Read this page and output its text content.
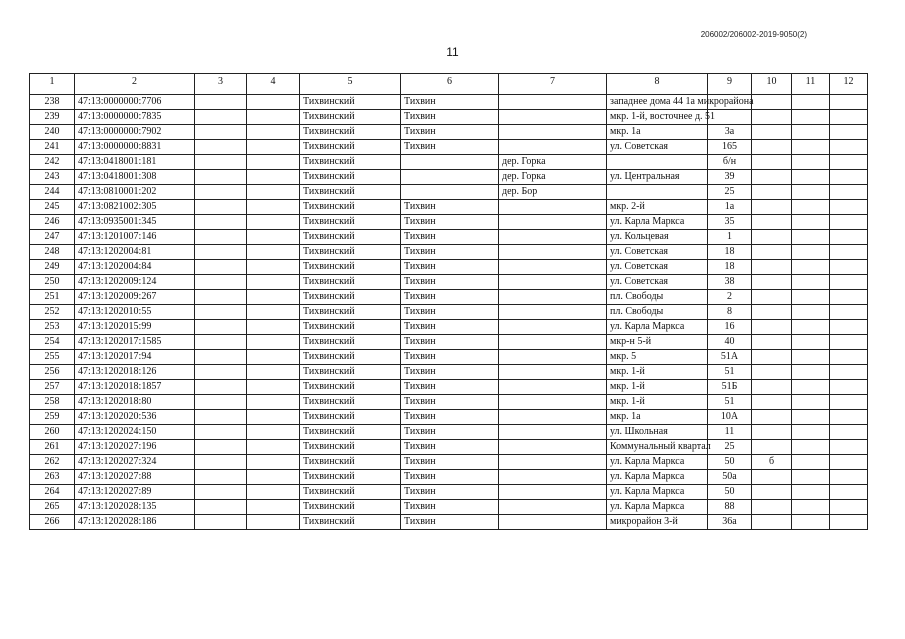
206002/206002-2019-9050(2)
11
1	2	3	4	5	6	7	8	9	10	11	12
238	47:13:0000000:7706			Тихвинский	Тихвин		западнее дома 44 1а микрорайона				
239	47:13:0000000:7835			Тихвинский	Тихвин		мкр. 1-й, восточнее д. 51				
240	47:13:0000000:7902			Тихвинский	Тихвин		мкр. 1а	3а			
241	47:13:0000000:8831			Тихвинский	Тихвин		ул. Советская	165			
242	47:13:0418001:181			Тихвинский		дер. Горка		б/н			
243	47:13:0418001:308			Тихвинский		дер. Горка	ул. Центральная	39			
244	47:13:0810001:202			Тихвинский		дер. Бор		25			
245	47:13:0821002:305			Тихвинский	Тихвин		мкр. 2-й	1а			
246	47:13:0935001:345			Тихвинский	Тихвин		ул. Карла Маркса	35			
247	47:13:1201007:146			Тихвинский	Тихвин		ул. Кольцевая	1			
248	47:13:1202004:81			Тихвинский	Тихвин		ул. Советская	18			
249	47:13:1202004:84			Тихвинский	Тихвин		ул. Советская	18			
250	47:13:1202009:124			Тихвинский	Тихвин		ул. Советская	38			
251	47:13:1202009:267			Тихвинский	Тихвин		пл. Свободы	2			
252	47:13:1202010:55			Тихвинский	Тихвин		пл. Свободы	8			
253	47:13:1202015:99			Тихвинский	Тихвин		ул. Карла Маркса	16			
254	47:13:1202017:1585			Тихвинский	Тихвин		мкр-н 5-й	40			
255	47:13:1202017:94			Тихвинский	Тихвин		мкр. 5	51А			
256	47:13:1202018:126			Тихвинский	Тихвин		мкр. 1-й	51			
257	47:13:1202018:1857			Тихвинский	Тихвин		мкр. 1-й	51Б			
258	47:13:1202018:80			Тихвинский	Тихвин		мкр. 1-й	51			
259	47:13:1202020:536			Тихвинский	Тихвин		мкр. 1а	10А			
260	47:13:1202024:150			Тихвинский	Тихвин		ул. Школьная	11			
261	47:13:1202027:196			Тихвинский	Тихвин		Коммунальный квартал	25			
262	47:13:1202027:324			Тихвинский	Тихвин		ул. Карла Маркса	50	б		
263	47:13:1202027:88			Тихвинский	Тихвин		ул. Карла Маркса	50а			
264	47:13:1202027:89			Тихвинский	Тихвин		ул. Карла Маркса	50			
265	47:13:1202028:135			Тихвинский	Тихвин		ул. Карла Маркса	88			
266	47:13:1202028:186			Тихвинский	Тихвин		микрорайон 3-й	36а			
